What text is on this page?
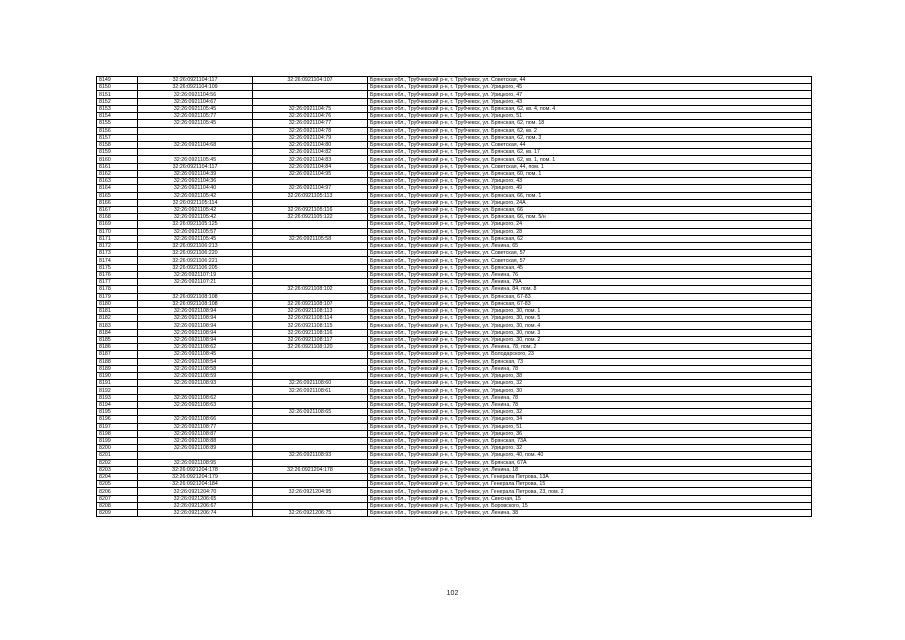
8149	32:26:0921104:117	32:26:0921104:107	Брянская обл., Трубчевский р-н, г. Трубчевск, ул. Советская, 44
8150	32:26:0921104:109		Брянская обл., Трубчевский р-н, г. Трубчевск, ул. Урицкого, 45
8151	32:26:0921104:56		Брянская обл., Трубчевский р-н, г. Трубчевск, ул. Урицкого, 47
8152	32:26:0921104:67		Брянская обл., Трубчевский р-н, г. Трубчевск, ул. Урицкого, 43
8153	32:26:0921105:45	32:26:0921104:75	Брянская обл., Трубчевский р-н, г. Трубчевск, ул. Брянская, 62, кв. 4, пом. 4
8154	32:26:0921105:77	32:26:0921104:76	Брянская обл., Трубчевский р-н, г. Трубчевск, ул. Урицкого, 51
8155	32:26:0921105:45	32:26:0921104:77	Брянская обл., Трубчевский р-н, г. Трубчевск, ул. Брянская, 62, пом. 18
8156		32:26:0921104:78	Брянская обл., Трубчевский р-н, г. Трубчевск, ул. Брянская, 62, кв. 2
8157		32:26:0921104:79	Брянская обл., Трубчевский р-н, г. Трубчевск, ул. Брянская, 62, пом. 3
8158	32:26:0921104:68	32:26:0921104:80	Брянская обл., Трубчевский р-н, г. Трубчевск, ул. Советская, 44
8159		32:26:0921104:82	Брянская обл., Трубчевский р-н, г. Трубчевск, ул. Брянская, 62, кв. 17
8160	32:26:0921105:45	32:26:0921104:83	Брянская обл., Трубчевский р-н, г. Трубчевск, ул. Брянская, 62, кв. 1, пом. 1
8161	32:26:0921104:117	32:26:0921104:84	Брянская обл., Трубчевский р-н, г. Трубчевск, ул. Советская, 44, пом. 1
8162	32:26:0921104:39	32:26:0921104:95	Брянская обл., Трубчевский р-н, г. Трубчевск, ул. Брянская, 60, пом. 1
8163	32:26:0921104:36		Брянская обл., Трубчевский р-н, г. Трубчевск, ул. Урицкого, 43
8164	32:26:0921104:40	32:26:0921104:97	Брянская обл., Трубчевский р-н, г. Трубчевск, ул. Урицкого, 49
8165	32:26:0921105:42	32:26:0921105:113	Брянская обл., Трубчевский р-н, г. Трубчевск, ул. Брянская, 66, пом. 1
8166	32:26:0921105:114		Брянская обл., Трубчевский р-н, г. Трубчевск, ул. Урицкого, 24А
8167	32:26:0921105:42	32:26:0921105:116	Брянская обл., Трубчевский р-н, г. Трубчевск, ул. Брянская, 66
8168	32:26:0921105:42	32:26:0921105:122	Брянская обл., Трубчевский р-н, г. Трубчевск, ул. Брянская, 66, пом. 5/н
8169	32:26:0921105:125		Брянская обл., Трубчевский р-н, г. Трубчевск, ул. Урицкого, 24
8170	32:26:0921105:57		Брянская обл., Трубчевский р-н, г. Трубчевск, ул. Урицкого, 28
8171	32:26:0921105:45	32:26:0921105:58	Брянская обл., Трубчевский р-н, г. Трубчевск, ул. Брянская, 62
8172	32:26:0921106:213		Брянская обл., Трубчевский р-н, г. Трубчевск, ул. Ленина, 65
8173	32:26:0921106:220		Брянская обл., Трубчевский р-н, г. Трубчевск, ул. Советская, 57
8174	32:26:0921106:221		Брянская обл., Трубчевский р-н, г. Трубчевск, ул. Советская, 57
8175	32:26:0921106:205		Брянская обл., Трубчевский р-н, г. Трубчевск, ул. Брянская, 45
8176	32:26:0921107:19		Брянская обл., Трубчевский р-н, г. Трубчевск, ул. Ленина, 76
8177	32:26:0921107:21		Брянская обл., Трубчевский р-н, г. Трубчевск, ул. Ленина, 79А
8178		32:26:0921108:102	Брянская обл., Трубчевский р-н, г. Трубчевск, ул. Ленина, 84, пом. 8
8179	32:26:0921108:108		Брянская обл., Трубчевский р-н, г. Трубчевск, ул. Брянская, 67-83
8180	32:26:0921108:108	32:26:0921108:107	Брянская обл., Трубчевский р-н, г. Трубчевск, ул. Брянская, 67-83
8181	32:26:0921108:94	32:26:0921108:113	Брянская обл., Трубчевский р-н, г. Трубчевск, ул. Урицкого, 30, пом. 1
8182	32:26:0921108:94	32:26:0921108:114	Брянская обл., Трубчевский р-н, г. Трубчевск, ул. Урицкого, 30, пом. 5
8183	32:26:0921108:94	32:26:0921108:115	Брянская обл., Трубчевский р-н, г. Трубчевск, ул. Урицкого, 30, пом. 4
8184	32:26:0921108:94	32:26:0921108:116	Брянская обл., Трубчевский р-н, г. Трубчевск, ул. Урицкого, 30, пом. 3
8185	32:26:0921108:94	32:26:0921108:117	Брянская обл., Трубчевский р-н, г. Трубчевск, ул. Урицкого, 30, пом. 2
8186	32:26:0921108:62	32:26:0921108:120	Брянская обл., Трубчевский р-н, г. Трубчевск, ул. Ленина, 78, пом. 2
8187	32:26:0921108:45		Брянская обл., Трубчевский р-н, г. Трубчевск, ул. Володарского, 23
8188	32:26:0921108:54		Брянская обл., Трубчевский р-н, г. Трубчевск, ул. Брянская, 73
8189	32:26:0921108:58		Брянская обл., Трубчевский р-н, г. Трубчевск, ул. Ленина, 78
8190	32:26:0921108:59		Брянская обл., Трубчевский р-н, г. Трубчевск, ул. Урицкого, 38
8191	32:26:0921108:93	32:26:0921108:60	Брянская обл., Трубчевский р-н, г. Трубчевск, ул. Урицкого, 32
8192		32:26:0921108:61	Брянская обл., Трубчевский р-н, г. Трубчевск, ул. Урицкого, 30
8193	32:26:0921108:62		Брянская обл., Трубчевский р-н, г. Трубчевск, ул. Ленина, 78
8194	32:26:0921108:63		Брянская обл., Трубчевский р-н, г. Трубчевск, ул. Ленина, 78
8195		32:26:0921108:65	Брянская обл., Трубчевский р-н, г. Трубчевск, ул. Урицкого, 32
8196	32:26:0921108:66		Брянская обл., Трубчевский р-н, г. Трубчевск, ул. Урицкого, 34
8197	32:26:0921108:77		Брянская обл., Трубчевский р-н, г. Трубчевск, ул. Урицкого, 51
8198	32:26:0921108:87		Брянская обл., Трубчевский р-н, г. Трубчевск, ул. Урицкого, 36
8199	32:26:0921108:88		Брянская обл., Трубчевский р-н, г. Трубчевск, ул. Брянская, 73А
8200	32:26:0921108:89		Брянская обл., Трубчевский р-н, г. Трубчевск, ул. Урицкого, 32
8201		32:26:0921108:93	Брянская обл., Трубчевский р-н, г. Трубчевск, ул. Урицкого, 40, пом. 40
8202	32:26:0921108:95		Брянская обл., Трубчевский р-н, г. Трубчевск, ул. Брянская, 67А
8203	32:26:0921204:178	32:26:0921204:178	Брянская обл., Трубчевский р-н, г. Трубчевск, ул. Ленина, 18
8204	32:26:0921204:179		Брянская обл., Трубчевский р-н, г. Трубчевск, ул. Генерала Петрова, 13А
8205	32:26:0921204:184		Брянская обл., Трубчевский р-н, г. Трубчевск, ул. Генерала Петрова, 15
8206	32:26:0921204:70	32:26:0921204:95	Брянская обл., Трубчевский р-н, г. Трубчевск, ул. Генерала Петрова, 23, пом. 2
8207	32:26:0921206:65		Брянская обл., Трубчевский р-н, г. Трубчевск, ул. Свесная, 15
8208	32:26:0921206:67		Брянская обл., Трубчевский р-н, г. Трубчевск, ул. Боровского, 15
8209	32:26:0921206:74	32:26:0921206:75	Брянская обл., Трубчевский р-н, г. Трубчевск, ул. Ленина, 38
102
